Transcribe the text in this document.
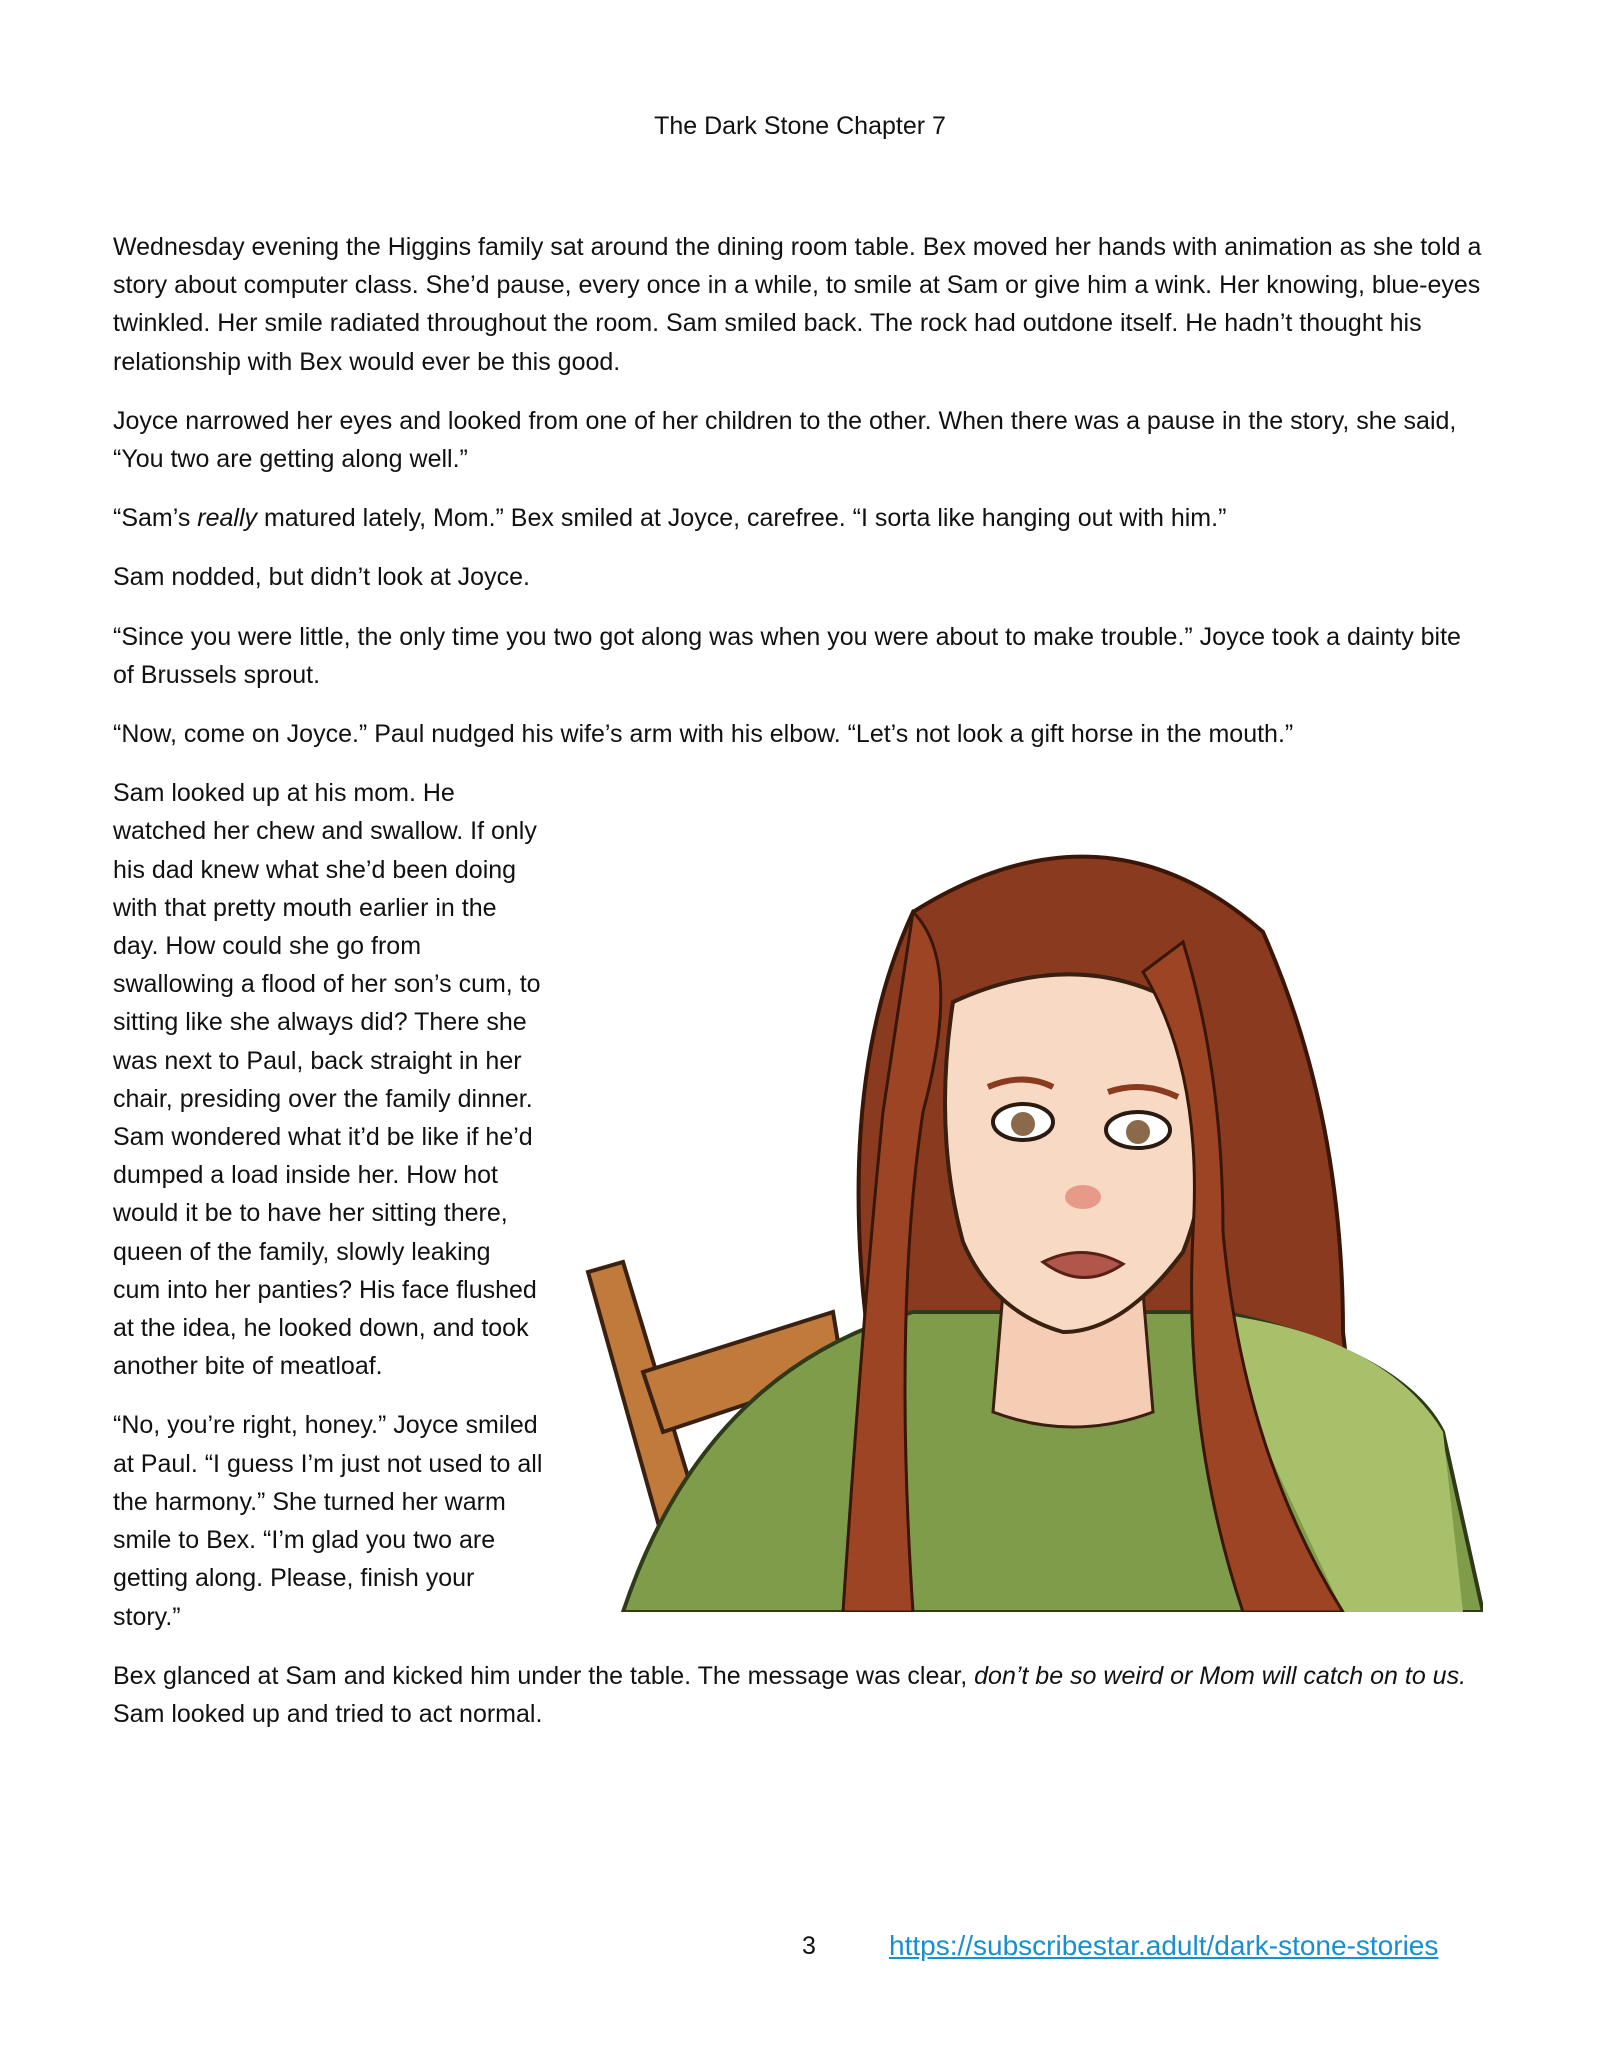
The Dark Stone Chapter 7

Wednesday evening the Higgins family sat around the dining room table. Bex moved her hands with animation as she told a story about computer class. She’d pause, every once in a while, to smile at Sam or give him a wink. Her knowing, blue-eyes twinkled. Her smile radiated throughout the room. Sam smiled back. The rock had outdone itself. He hadn’t thought his relationship with Bex would ever be this good.

Joyce narrowed her eyes and looked from one of her children to the other. When there was a pause in the story, she said, “You two are getting along well.”

“Sam’s really matured lately, Mom.” Bex smiled at Joyce, carefree. “I sorta like hanging out with him.”

Sam nodded, but didn’t look at Joyce.

“Since you were little, the only time you two got along was when you were about to make trouble.” Joyce took a dainty bite of Brussels sprout.

“Now, come on Joyce.” Paul nudged his wife’s arm with his elbow. “Let’s not look a gift horse in the mouth.”

Sam looked up at his mom. He watched her chew and swallow. If only his dad knew what she’d been doing with that pretty mouth earlier in the day. How could she go from swallowing a flood of her son’s cum, to sitting like she always did? There she was next to Paul, back straight in her chair, presiding over the family dinner. Sam wondered what it’d be like if he’d dumped a load inside her. How hot would it be to have her sitting there, queen of the family, slowly leaking cum into her panties? His face flushed at the idea, he looked down, and took another bite of meatloaf.

“No, you’re right, honey.” Joyce smiled at Paul. “I guess I’m just not used to all the harmony.” She turned her warm smile to Bex. “I’m glad you two are getting along. Please, finish your story.”

Bex glanced at Sam and kicked him under the table. The message was clear, don’t be so weird or Mom will catch on to us. Sam looked up and tried to act normal.

3	https://subscribestar.adult/dark-stone-stories
